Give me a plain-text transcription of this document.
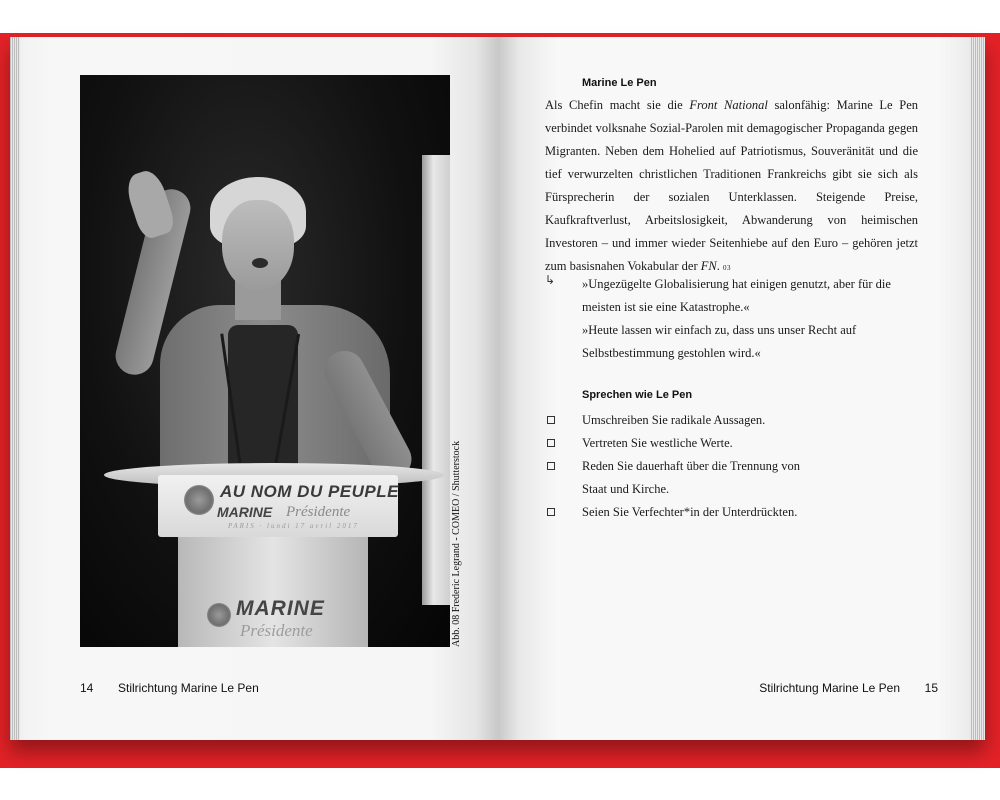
AU NOM DU PEUPLE
MARINE Présidente
PARIS · lundi 17 avril 2017
MARINE
Présidente	Abb. 08 Frederic Legrand - COMEO / Shutterstock
14 Stilrichtung Marine Le Pen
Marine Le Pen
Als Chefin macht sie die Front National salonfähig: Marine Le Pen verbindet volksnahe Sozial-Parolen mit demagogischer Propaganda gegen Migranten. Neben dem Hohelied auf Patriotismus, Souveränität und die tief verwurzelten christlichen Traditionen Frankreichs gibt sie sich als Fürsprecherin der sozialen Unterklassen. Steigende Preise, Kaufkraftverlust, Arbeitslosigkeit, Abwanderung von heimischen Investoren – und immer wieder Seitenhiebe auf den Euro – gehören jetzt zum basisnahen Vokabular der FN. 03
↳ »Ungezügelte Globalisierung hat einigen genutzt, aber für die meisten ist sie eine Katastrophe.«
»Heute lassen wir einfach zu, dass uns unser Recht auf Selbstbestimmung gestohlen wird.«
Sprechen wie Le Pen
Umschreiben Sie radikale Aussagen.
Vertreten Sie westliche Werte.
Reden Sie dauerhaft über die Trennung von Staat und Kirche.
Seien Sie Verfechter*in der Unterdrückten.
Stilrichtung Marine Le Pen 15
